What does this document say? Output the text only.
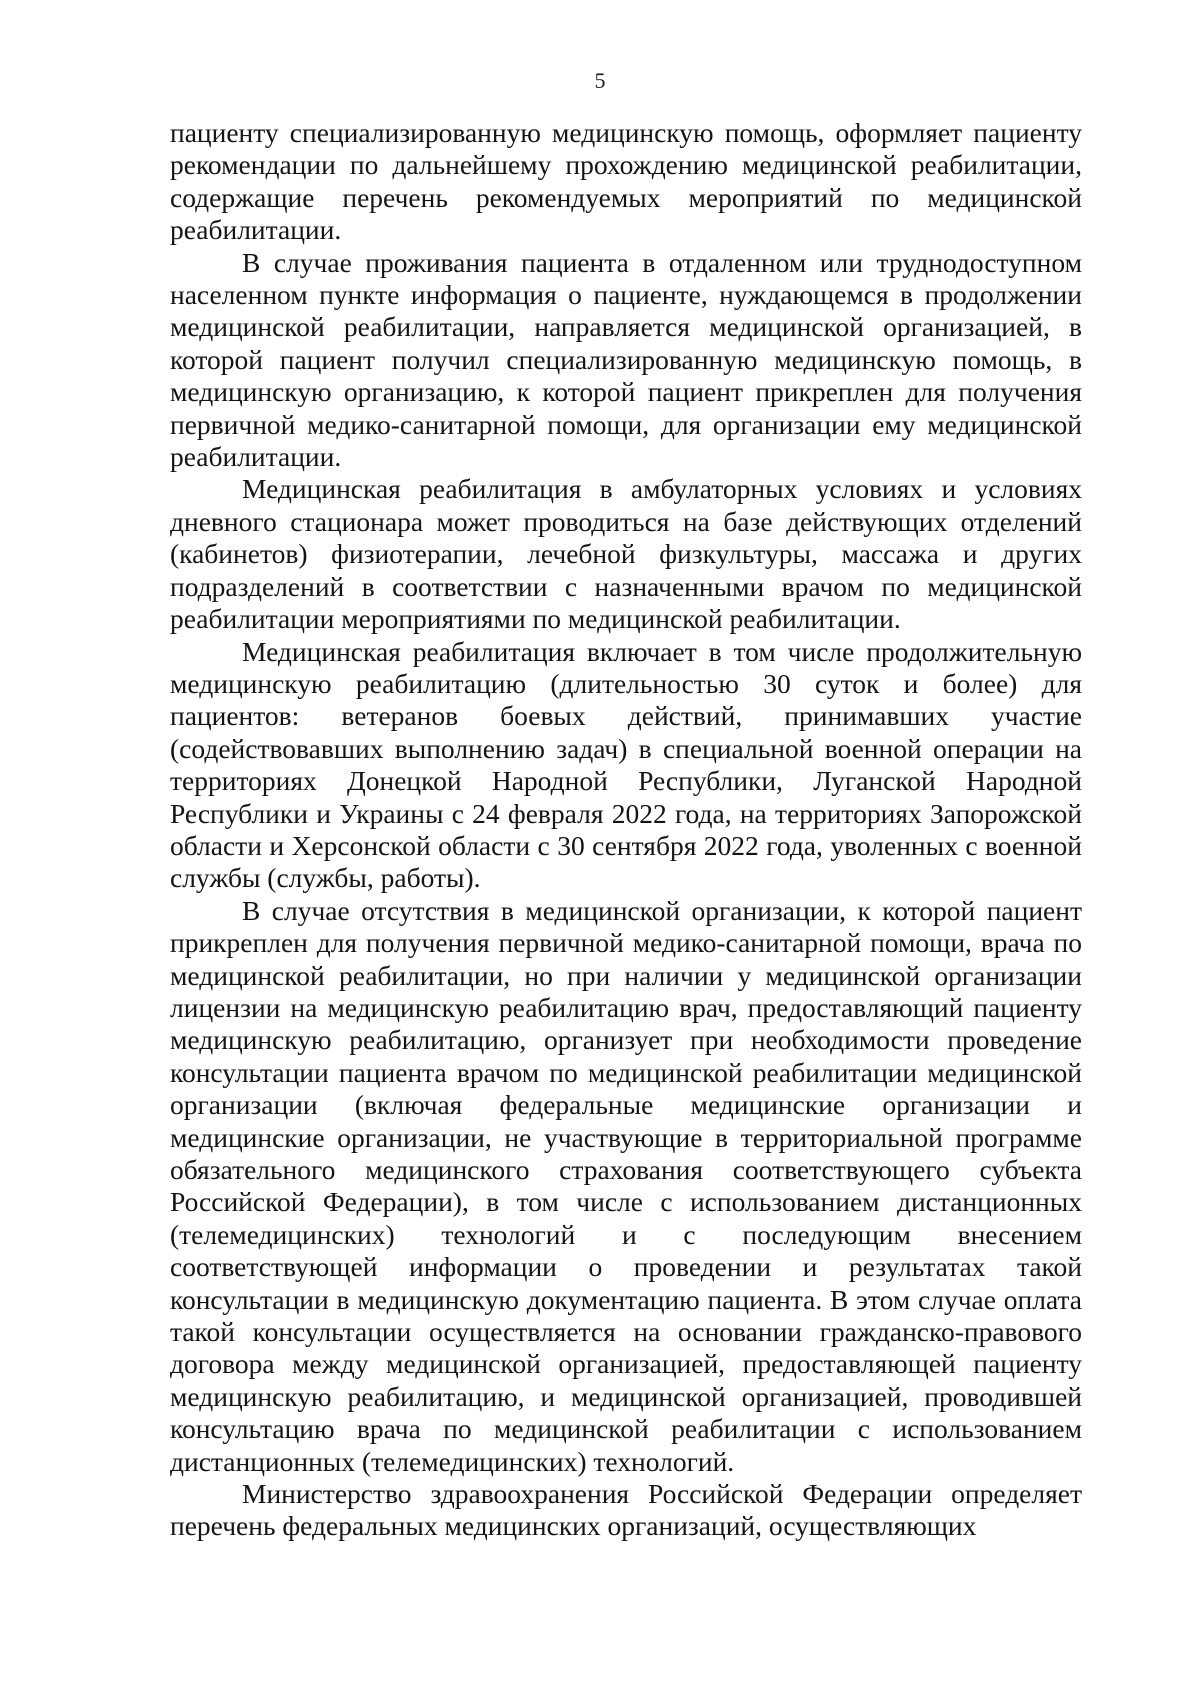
5

пациенту специализированную медицинскую помощь, оформляет пациенту рекомендации по дальнейшему прохождению медицинской реабилитации, содержащие перечень рекомендуемых мероприятий по медицинской реабилитации.

В случае проживания пациента в отдаленном или труднодоступном населенном пункте информация о пациенте, нуждающемся в продолжении медицинской реабилитации, направляется медицинской организацией, в которой пациент получил специализированную медицинскую помощь, в медицинскую организацию, к которой пациент прикреплен для получения первичной медико-санитарной помощи, для организации ему медицинской реабилитации.

Медицинская реабилитация в амбулаторных условиях и условиях дневного стационара может проводиться на базе действующих отделений (кабинетов) физиотерапии, лечебной физкультуры, массажа и других подразделений в соответствии с назначенными врачом по медицинской реабилитации мероприятиями по медицинской реабилитации.

Медицинская реабилитация включает в том числе продолжительную медицинскую реабилитацию (длительностью 30 суток и более) для пациентов: ветеранов боевых действий, принимавших участие (содействовавших выполнению задач) в специальной военной операции на территориях Донецкой Народной Республики, Луганской Народной Республики и Украины с 24 февраля 2022 года, на территориях Запорожской области и Херсонской области с 30 сентября 2022 года, уволенных с военной службы (службы, работы).

В случае отсутствия в медицинской организации, к которой пациент прикреплен для получения первичной медико-санитарной помощи, врача по медицинской реабилитации, но при наличии у медицинской организации лицензии на медицинскую реабилитацию врач, предоставляющий пациенту медицинскую реабилитацию, организует при необходимости проведение консультации пациента врачом по медицинской реабилитации медицинской организации (включая федеральные медицинские организации и медицинские организации, не участвующие в территориальной программе обязательного медицинского страхования соответствующего субъекта Российской Федерации), в том числе с использованием дистанционных (телемедицинских) технологий и с последующим внесением соответствующей информации о проведении и результатах такой консультации в медицинскую документацию пациента. В этом случае оплата такой консультации осуществляется на основании гражданско-правового договора между медицинской организацией, предоставляющей пациенту медицинскую реабилитацию, и медицинской организацией, проводившей консультацию врача по медицинской реабилитации с использованием дистанционных (телемедицинских) технологий.

Министерство здравоохранения Российской Федерации определяет перечень федеральных медицинских организаций, осуществляющих
